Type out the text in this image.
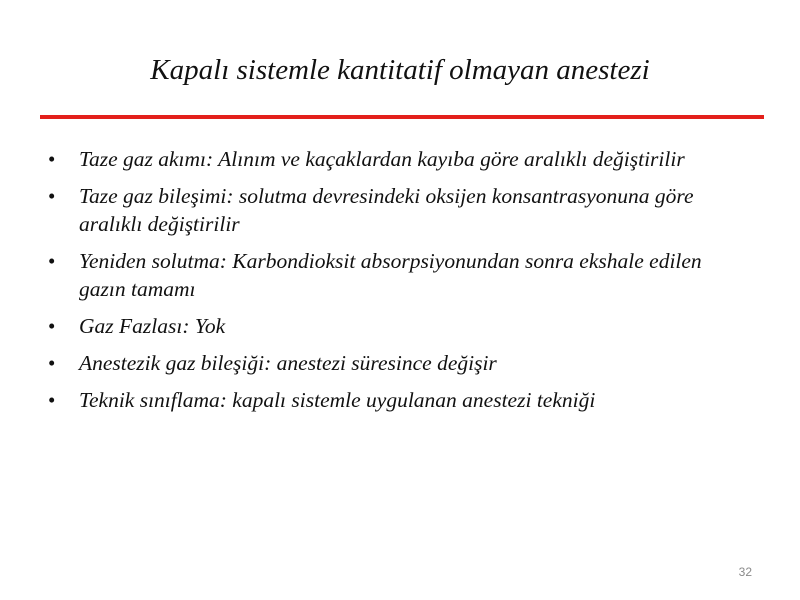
Kapalı sistemle kantitatif olmayan anestezi
• Taze gaz akımı: Alınım ve kaçaklardan kayıba göre aralıklı değiştirilir
• Taze gaz bileşimi: solutma devresindeki oksijen konsantrasyonuna göre aralıklı değiştirilir
• Yeniden solutma: Karbondioksit absorpsiyonundan sonra ekshale edilen gazın tamamı
• Gaz Fazlası: Yok
• Anestezik gaz bileşiği: anestezi süresince değişir
• Teknik sınıflama: kapalı sistemle uygulanan anestezi tekniği
32
